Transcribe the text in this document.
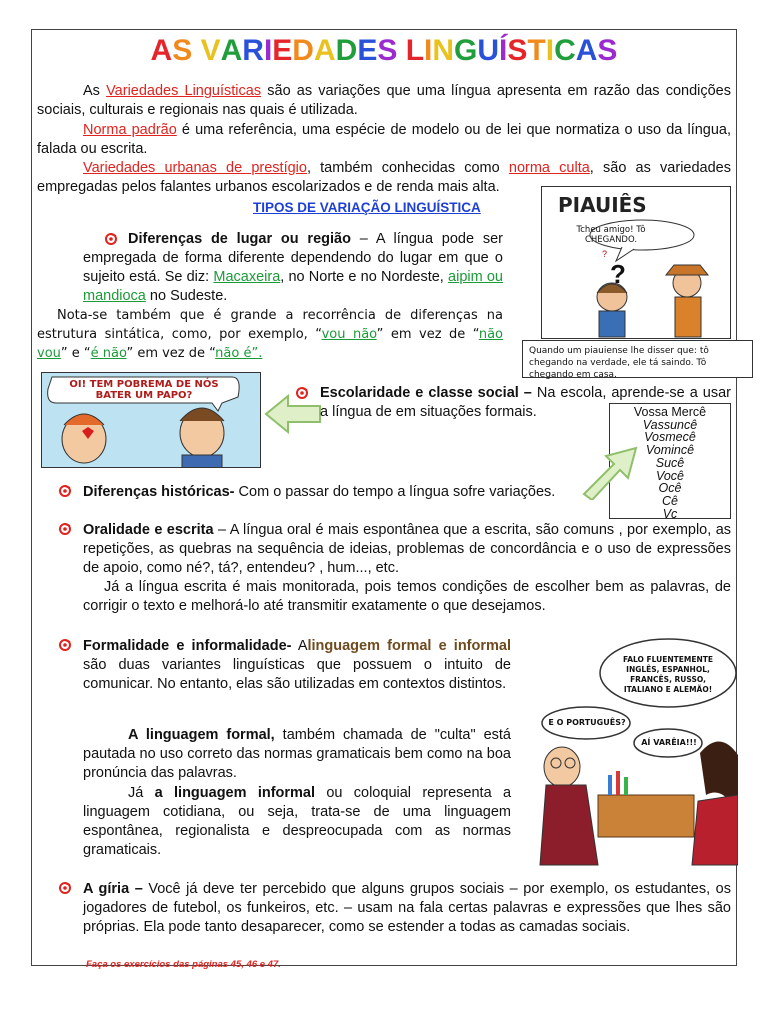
AS VARIEDADES LINGUÍSTICAS
As Variedades Linguísticas são as variações que uma língua apresenta em razão das condições sociais, culturais e regionais nas quais é utilizada.
Norma padrão é uma referência, uma espécie de modelo ou de lei que normatiza o uso da língua, falada ou escrita.
Variedades urbanas de prestígio, também conhecidas como norma culta, são as variedades empregadas pelos falantes urbanos escolarizados e de renda mais alta.
TIPOS DE VARIAÇÃO LINGUÍSTICA
Diferenças de lugar ou região – A língua pode ser empregada de forma diferente dependendo do lugar em que o sujeito está. Se diz: Macaxeira, no Norte e no Nordeste, aipim ou mandioca no Sudeste.
Nota-se também que é grande a recorrência de diferenças na estrutura sintática, como, por exemplo, “vou não” em vez de “não vou” e “é não” em vez de “não é”.
PIAUIÊS
?
Tcheu amigo! Tô CHEGANDO.
?
Quando um piauiense lhe disser que: tô chegando na verdade, ele tá saindo. Tô chegando em casa.
OI! TEM POBREMA DE NÓS BATER UM PAPO?	Escolaridade e classe social – Na escola, aprende-se a usar a língua de em situações formais.	Vossa Mercê
Vassuncê
Vosmecê
Vomincê
Sucê
Você
Ocê
Cê
Vc
Diferenças históricas- Com o passar do tempo a língua sofre variações.
Oralidade e escrita – A língua oral é mais espontânea que a escrita, são comuns , por exemplo, as repetições, as quebras na sequência de ideias, problemas de concordância e o uso de expressões de apoio, como né?, tá?, entendeu? , hum..., etc.
Já a língua escrita é mais monitorada, pois temos condições de escolher bem as palavras, de corrigir o texto e melhorá-lo até transmitir exatamente o que desejamos.
Formalidade e informalidade- Alinguagem formal e informal são duas variantes linguísticas que possuem o intuito de comunicar. No entanto, elas são utilizadas em contextos distintos.
A linguagem formal, também chamada de "culta" está pautada no uso correto das normas gramaticais bem como na boa pronúncia das palavras.
Já a linguagem informal ou coloquial representa a linguagem cotidiana, ou seja, trata-se de uma linguagem espontânea, regionalista e despreocupada com as normas gramaticais.
FALO FLUENTEMENTE INGLÊS, ESPANHOL, FRANCÊS, RUSSO, ITALIANO E ALEMÃO!
E O PORTUGUÊS?
AÍ VARÊIA!!!
A gíria – Você já deve ter percebido que alguns grupos sociais – por exemplo, os estudantes, os jogadores de futebol, os funkeiros, etc. – usam na fala certas palavras e expressões que lhes são próprias. Ela pode tanto desaparecer, como se estender a todas as camadas sociais.
Faça os exercícios das páginas 45, 46 e 47.
